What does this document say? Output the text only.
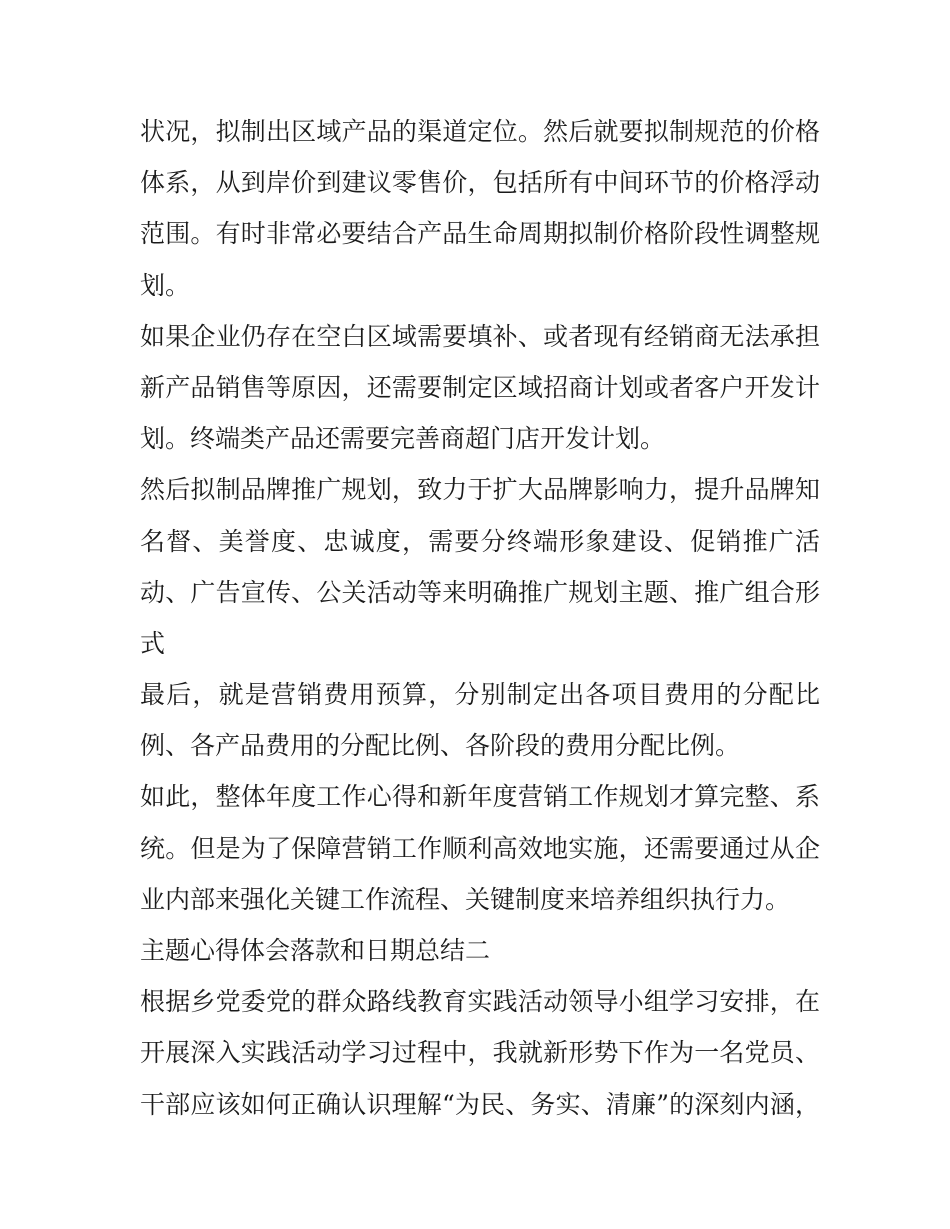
状况，拟制出区域产品的渠道定位。然后就要拟制规范的价格
体系，从到岸价到建议零售价，包括所有中间环节的价格浮动
范围。有时非常必要结合产品生命周期拟制价格阶段性调整规
划。
如果企业仍存在空白区域需要填补、或者现有经销商无法承担
新产品销售等原因，还需要制定区域招商计划或者客户开发计
划。终端类产品还需要完善商超门店开发计划。
然后拟制品牌推广规划，致力于扩大品牌影响力，提升品牌知
名督、美誉度、忠诚度，需要分终端形象建设、促销推广活
动、广告宣传、公关活动等来明确推广规划主题、推广组合形
式
最后，就是营销费用预算，分别制定出各项目费用的分配比
例、各产品费用的分配比例、各阶段的费用分配比例。
如此，整体年度工作心得和新年度营销工作规划才算完整、系
统。但是为了保障营销工作顺利高效地实施，还需要通过从企
业内部来强化关键工作流程、关键制度来培养组织执行力。
主题心得体会落款和日期总结二
根据乡党委党的群众路线教育实践活动领导小组学习安排，在
开展深入实践活动学习过程中，我就新形势下作为一名党员、
干部应该如何正确认识理解“为民、务实、清廉”的深刻内涵，
